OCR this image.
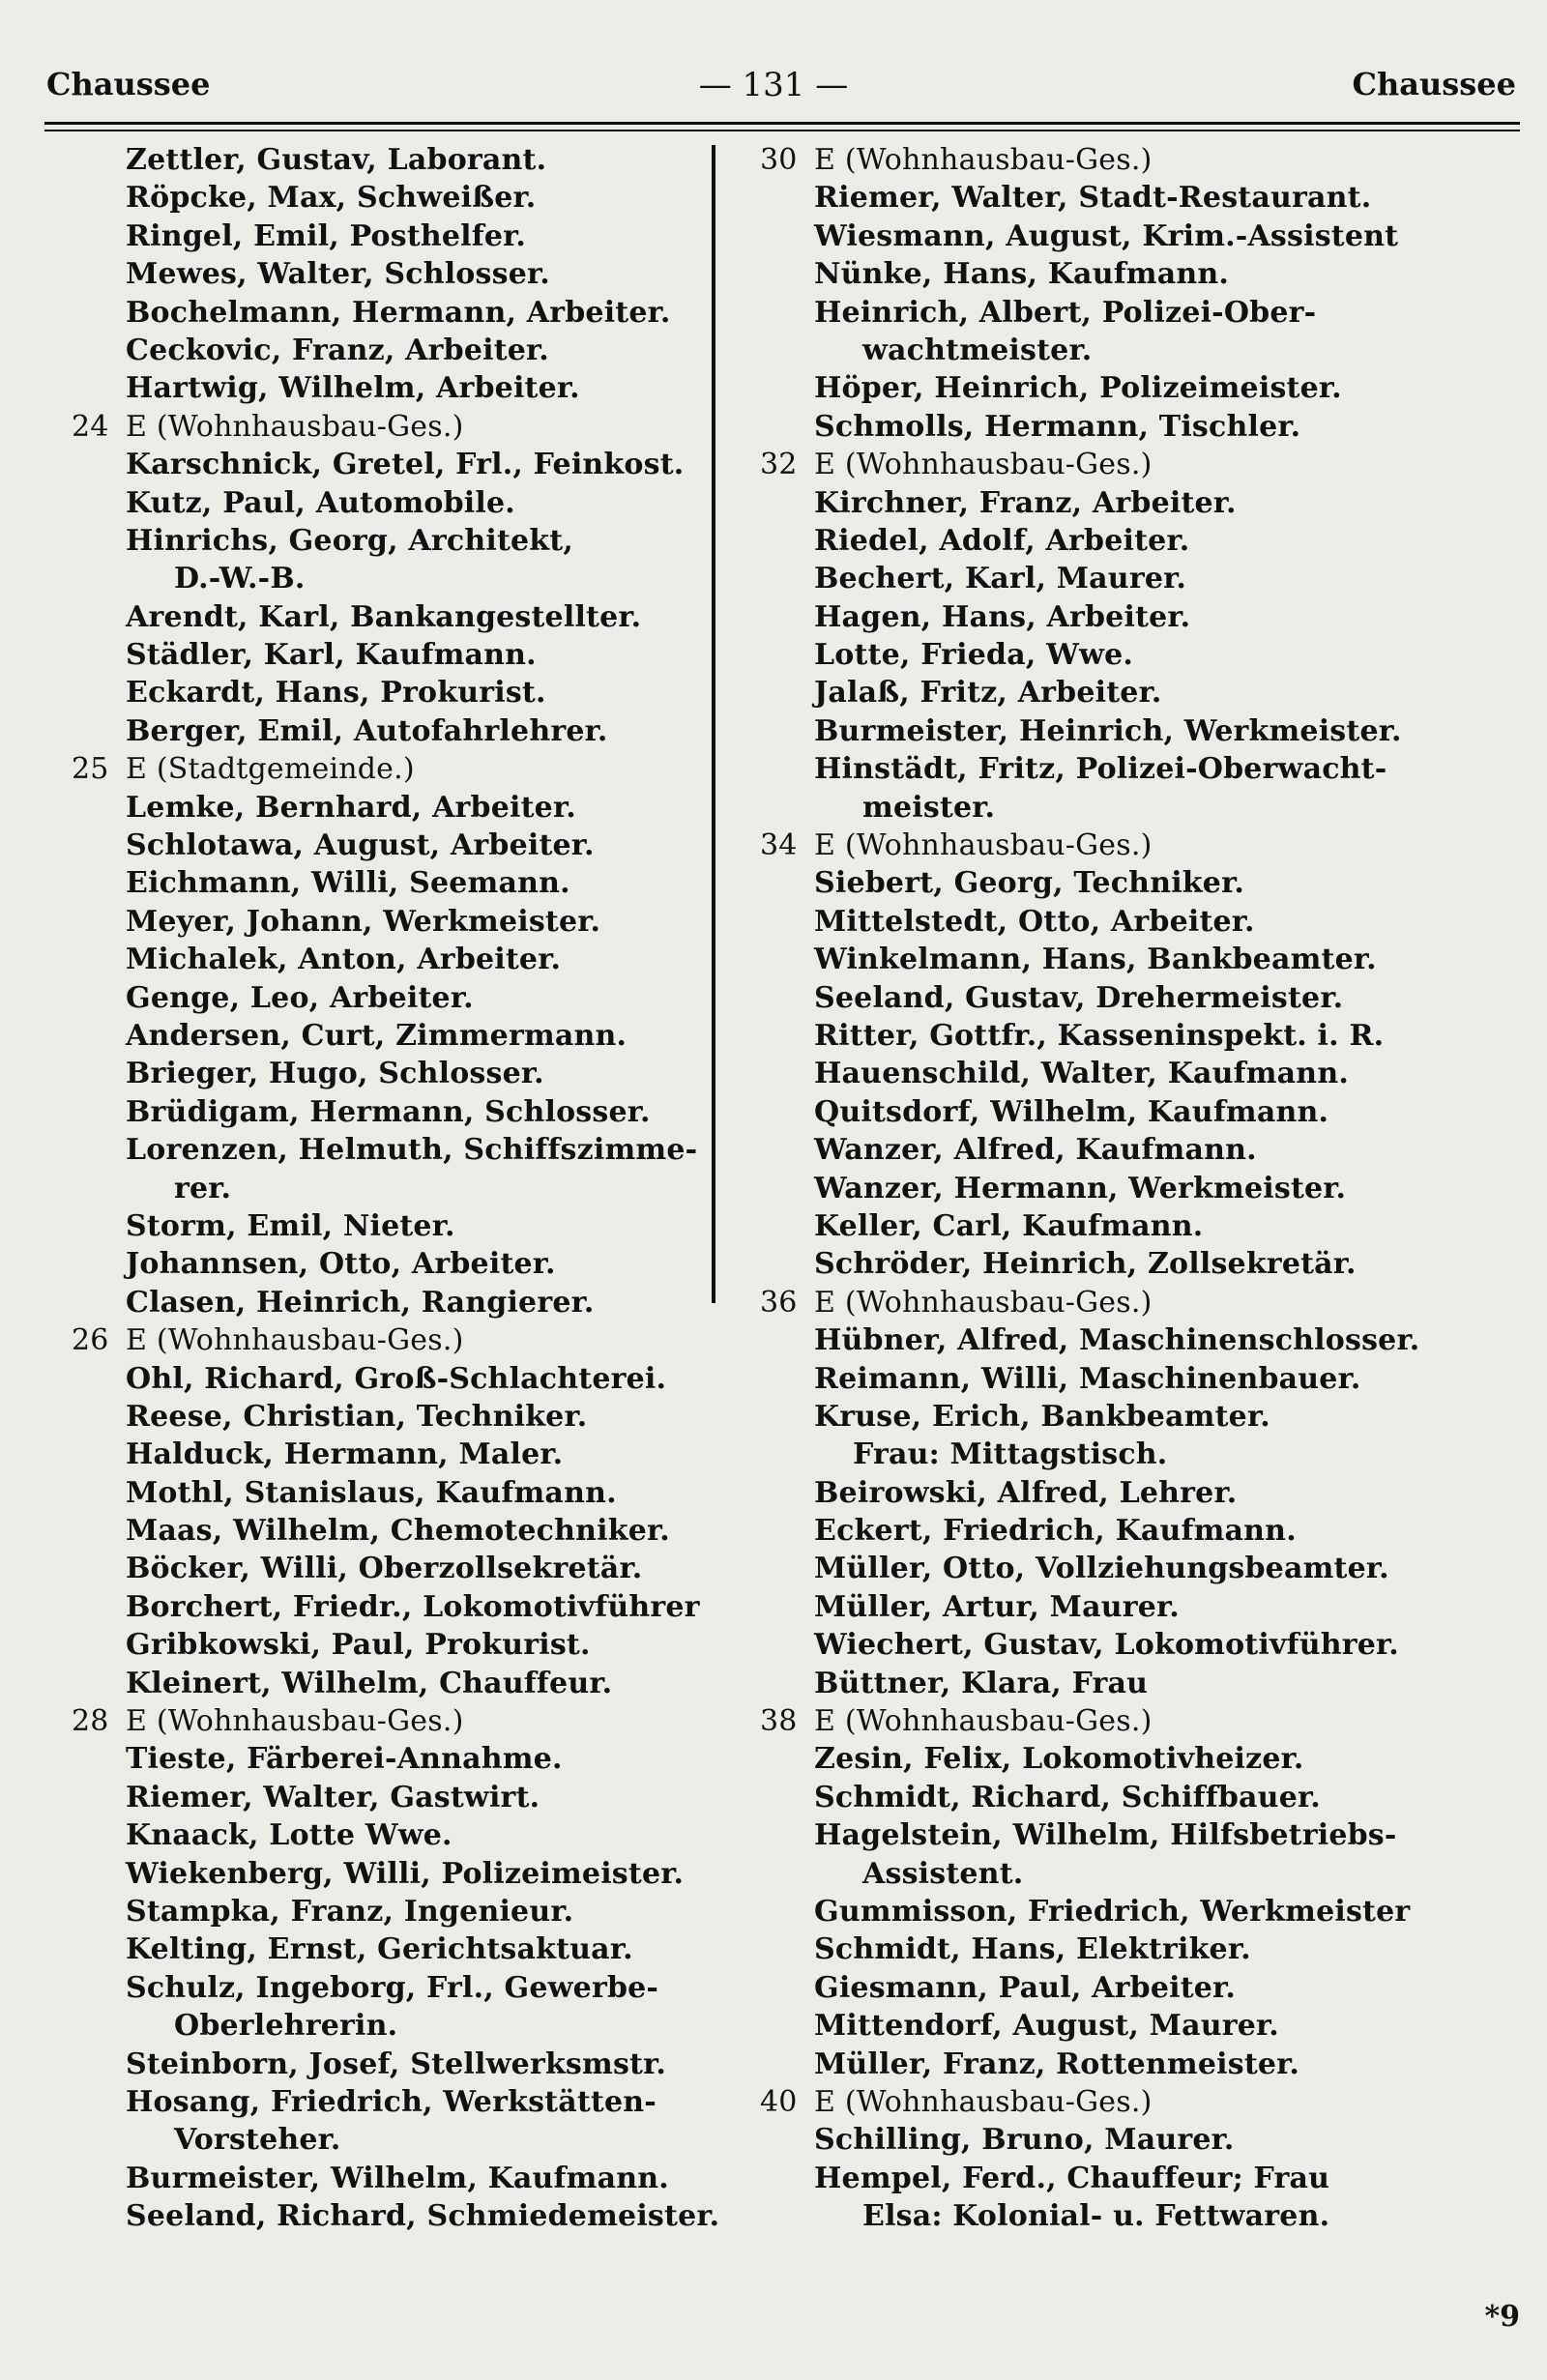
Chaussee	— 131 —	Chaussee
Zettler, Gustav, Laborant.
Röpcke, Max, Schweißer.
Ringel, Emil, Posthelfer.
Mewes, Walter, Schlosser.
Bochelmann, Hermann, Arbeiter.
Ceckovic, Franz, Arbeiter.
Hartwig, Wilhelm, Arbeiter.
24 E (Wohnhausbau-Ges.)
Karschnick, Gretel, Frl., Feinkost.
Kutz, Paul, Automobile.
Hinrichs, Georg, Architekt,
D.-W.-B.
Arendt, Karl, Bankangestellter.
Städler, Karl, Kaufmann.
Eckardt, Hans, Prokurist.
Berger, Emil, Autofahrlehrer.
25 E (Stadtgemeinde.)
Lemke, Bernhard, Arbeiter.
Schlotawa, August, Arbeiter.
Eichmann, Willi, Seemann.
Meyer, Johann, Werkmeister.
Michalek, Anton, Arbeiter.
Genge, Leo, Arbeiter.
Andersen, Curt, Zimmermann.
Brieger, Hugo, Schlosser.
Brüdigam, Hermann, Schlosser.
Lorenzen, Helmuth, Schiffszimme-
rer.
Storm, Emil, Nieter.
Johannsen, Otto, Arbeiter.
Clasen, Heinrich, Rangierer.
26 E (Wohnhausbau-Ges.)
Ohl, Richard, Groß-Schlachterei.
Reese, Christian, Techniker.
Halduck, Hermann, Maler.
Mothl, Stanislaus, Kaufmann.
Maas, Wilhelm, Chemotechniker.
Böcker, Willi, Oberzollsekretär.
Borchert, Friedr., Lokomotivführer
Gribkowski, Paul, Prokurist.
Kleinert, Wilhelm, Chauffeur.
28 E (Wohnhausbau-Ges.)
Tieste, Färberei-Annahme.
Riemer, Walter, Gastwirt.
Knaack, Lotte Wwe.
Wiekenberg, Willi, Polizeimeister.
Stampka, Franz, Ingenieur.
Kelting, Ernst, Gerichtsaktuar.
Schulz, Ingeborg, Frl., Gewerbe-
Oberlehrerin.
Steinborn, Josef, Stellwerksmstr.
Hosang, Friedrich, Werkstätten-
Vorsteher.
Burmeister, Wilhelm, Kaufmann.
Seeland, Richard, Schmiedemeister.
30 E (Wohnhausbau-Ges.)
Riemer, Walter, Stadt-Restaurant.
Wiesmann, August, Krim.-Assistent
Nünke, Hans, Kaufmann.
Heinrich, Albert, Polizei-Ober-
wachtmeister.
Höper, Heinrich, Polizeimeister.
Schmolls, Hermann, Tischler.
32 E (Wohnhausbau-Ges.)
Kirchner, Franz, Arbeiter.
Riedel, Adolf, Arbeiter.
Bechert, Karl, Maurer.
Hagen, Hans, Arbeiter.
Lotte, Frieda, Wwe.
Jalaß, Fritz, Arbeiter.
Burmeister, Heinrich, Werkmeister.
Hinstädt, Fritz, Polizei-Oberwacht-
meister.
34 E (Wohnhausbau-Ges.)
Siebert, Georg, Techniker.
Mittelstedt, Otto, Arbeiter.
Winkelmann, Hans, Bankbeamter.
Seeland, Gustav, Drehermeister.
Ritter, Gottfr., Kasseninspekt. i. R.
Hauenschild, Walter, Kaufmann.
Quitsdorf, Wilhelm, Kaufmann.
Wanzer, Alfred, Kaufmann.
Wanzer, Hermann, Werkmeister.
Keller, Carl, Kaufmann.
Schröder, Heinrich, Zollsekretär.
36 E (Wohnhausbau-Ges.)
Hübner, Alfred, Maschinenschlosser.
Reimann, Willi, Maschinenbauer.
Kruse, Erich, Bankbeamter.
Frau: Mittagstisch.
Beirowski, Alfred, Lehrer.
Eckert, Friedrich, Kaufmann.
Müller, Otto, Vollziehungsbeamter.
Müller, Artur, Maurer.
Wiechert, Gustav, Lokomotivführer.
Büttner, Klara, Frau
38 E (Wohnhausbau-Ges.)
Zesin, Felix, Lokomotivheizer.
Schmidt, Richard, Schiffbauer.
Hagelstein, Wilhelm, Hilfsbetriebs-
Assistent.
Gummisson, Friedrich, Werkmeister
Schmidt, Hans, Elektriker.
Giesmann, Paul, Arbeiter.
Mittendorf, August, Maurer.
Müller, Franz, Rottenmeister.
40 E (Wohnhausbau-Ges.)
Schilling, Bruno, Maurer.
Hempel, Ferd., Chauffeur; Frau
Elsa: Kolonial- u. Fettwaren.
*9
